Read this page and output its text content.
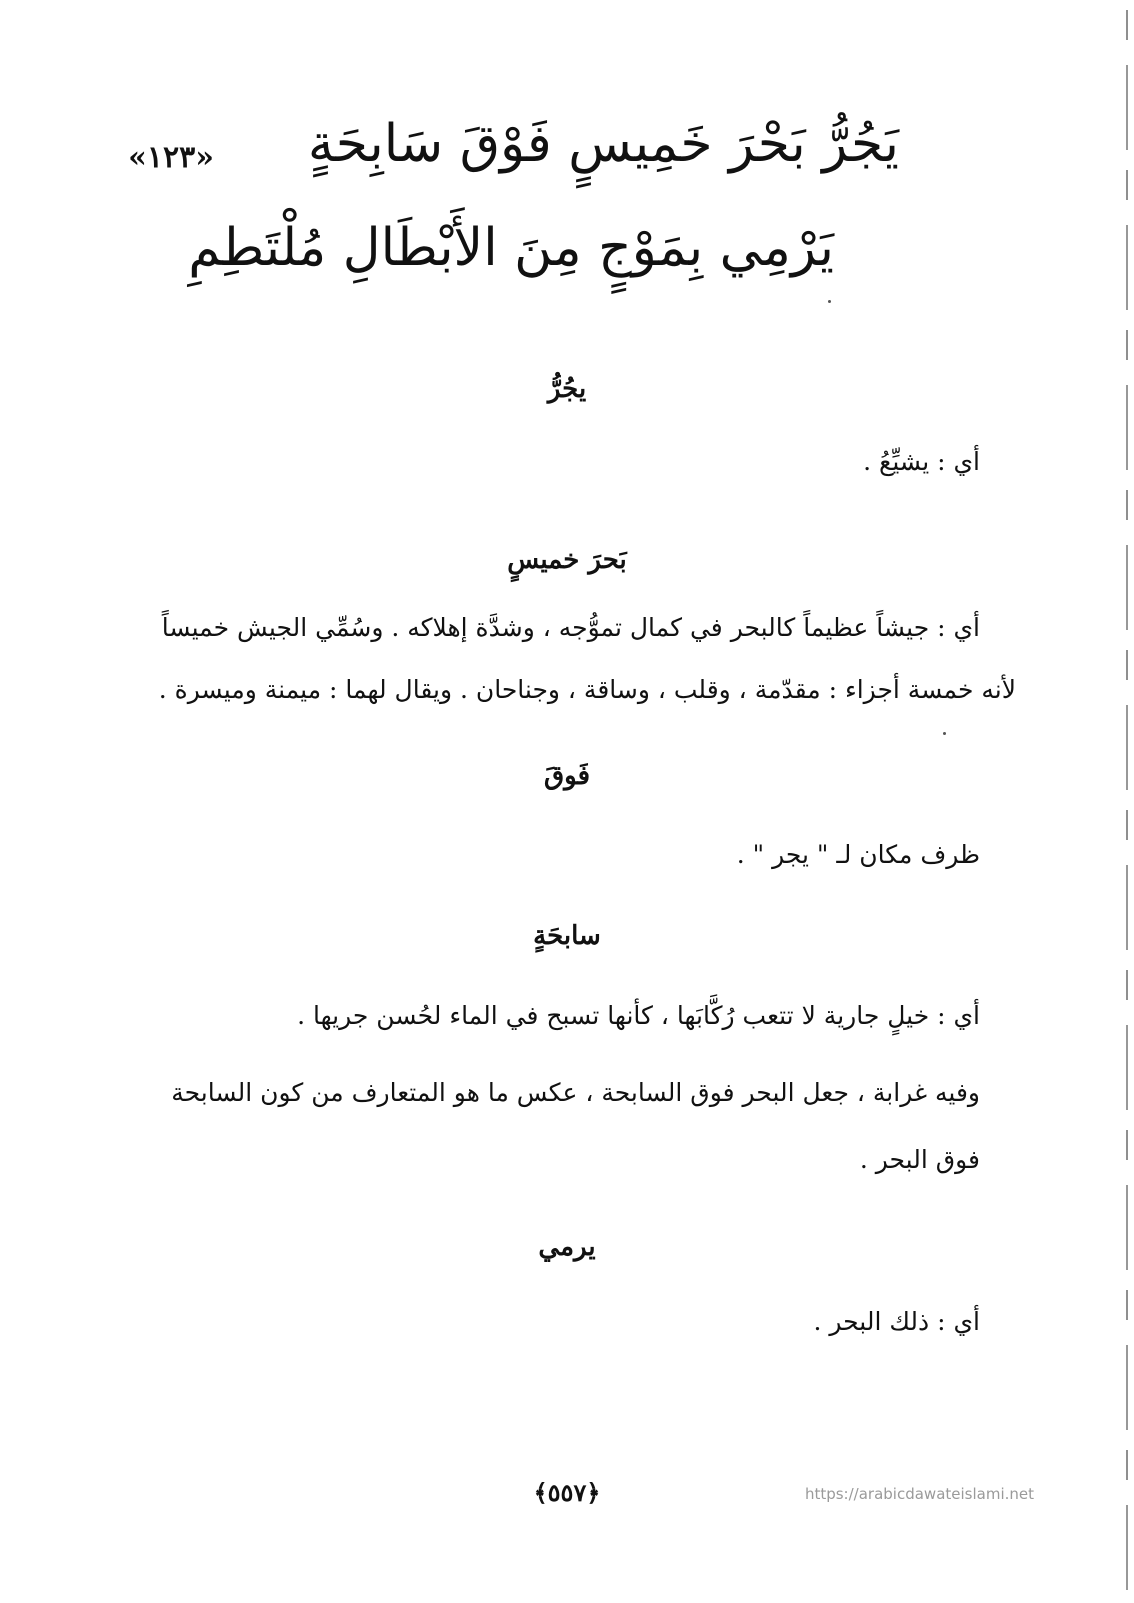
«١٢٣» يَجُرُّ بَحْرَ خَمِيسٍ فَوْقَ سَابِحَةٍ
يَرْمِي بِمَوْجٍ مِنَ الأَبْطَالِ مُلْتَطِمِ
يجُرُّ
أي : يشيِّعُ .
بَحرَ خميسٍ
أي : جيشاً عظيماً كالبحر في كمال تموُّجه ، وشدَّة إهلاكه . وسُمِّي الجيش خميساً
لأنه خمسة أجزاء : مقدّمة ، وقلب ، وساقة ، وجناحان . ويقال لهما : ميمنة وميسرة .
فَوقَ
ظرف مكان لـ " يجر " .
سابحَةٍ
أي : خيلٍ جارية لا تتعب رُكَّابَها ، كأنها تسبح في الماء لحُسن جريها .
وفيه غرابة ، جعل البحر فوق السابحة ، عكس ما هو المتعارف من كون السابحة
فوق البحر .
يرمي
أي : ذلك البحر .
﴿٥٥٧﴾	https://arabicdawateislami.net
